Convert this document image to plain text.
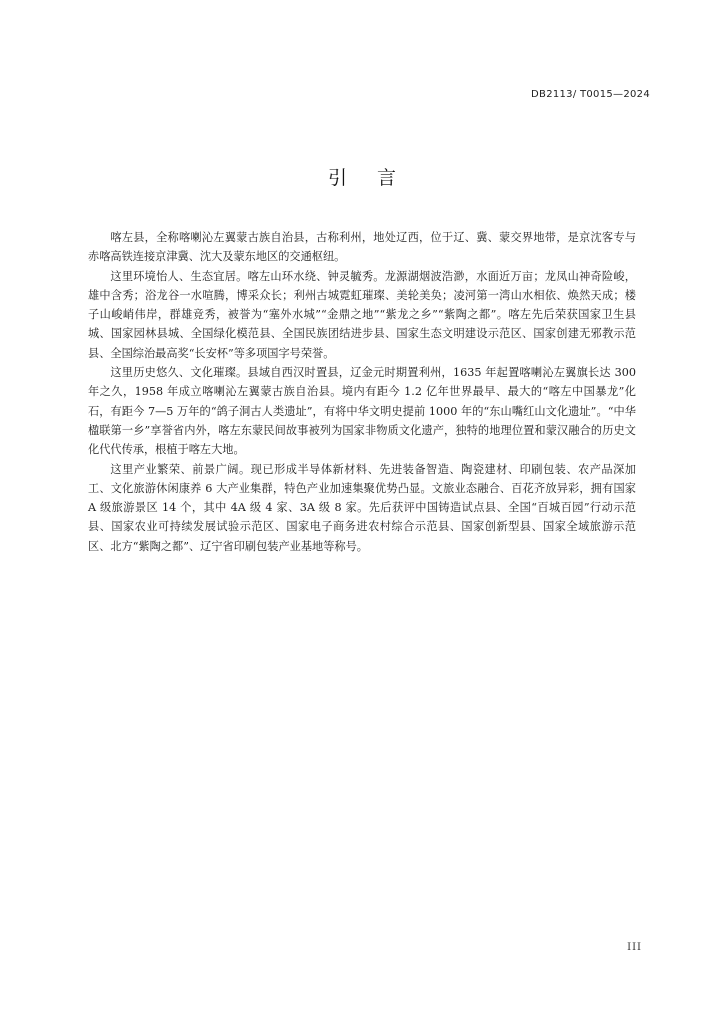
DB2113/ T0015—2024
引言

喀左县，全称喀喇沁左翼蒙古族自治县，古称利州，地处辽西，位于辽、冀、蒙交界地带，是京沈客专与赤喀高铁连接京津冀、沈大及蒙东地区的交通枢纽。

这里环境怡人、生态宜居。喀左山环水绕、钟灵毓秀。龙源湖烟波浩渺，水面近万亩；龙凤山神奇险峻，雄中含秀；浴龙谷一水喧腾，博采众长；利州古城霓虹璀璨、美轮美奂；凌河第一湾山水相依、焕然天成；楼子山峻峭伟岸，群雄竞秀，被誉为“塞外水城”“金鼎之地”“紫龙之乡”“紫陶之都”。喀左先后荣获国家卫生县城、国家园林县城、全国绿化模范县、全国民族团结进步县、国家生态文明建设示范区、国家创建无邪教示范县、全国综治最高奖“长安杯”等多项国字号荣誉。

这里历史悠久、文化璀璨。县域自西汉时置县，辽金元时期置利州，1635 年起置喀喇沁左翼旗长达 300 年之久，1958 年成立喀喇沁左翼蒙古族自治县。境内有距今 1.2 亿年世界最早、最大的“喀左中国暴龙”化石，有距今 7—5 万年的“鸽子洞古人类遗址”，有将中华文明史提前 1000 年的“东山嘴红山文化遗址”。“中华楹联第一乡”享誉省内外，喀左东蒙民间故事被列为国家非物质文化遗产，独特的地理位置和蒙汉融合的历史文化代代传承，根植于喀左大地。

这里产业繁荣、前景广阔。现已形成半导体新材料、先进装备智造、陶瓷建材、印刷包装、农产品深加工、文化旅游休闲康养 6 大产业集群，特色产业加速集聚优势凸显。文旅业态融合、百花齐放异彩，拥有国家 A 级旅游景区 14 个，其中 4A 级 4 家、3A 级 8 家。先后获评中国铸造试点县、全国“百城百园”行动示范县、国家农业可持续发展试验示范区、国家电子商务进农村综合示范县、国家创新型县、国家全域旅游示范区、北方“紫陶之都”、辽宁省印刷包装产业基地等称号。

III
